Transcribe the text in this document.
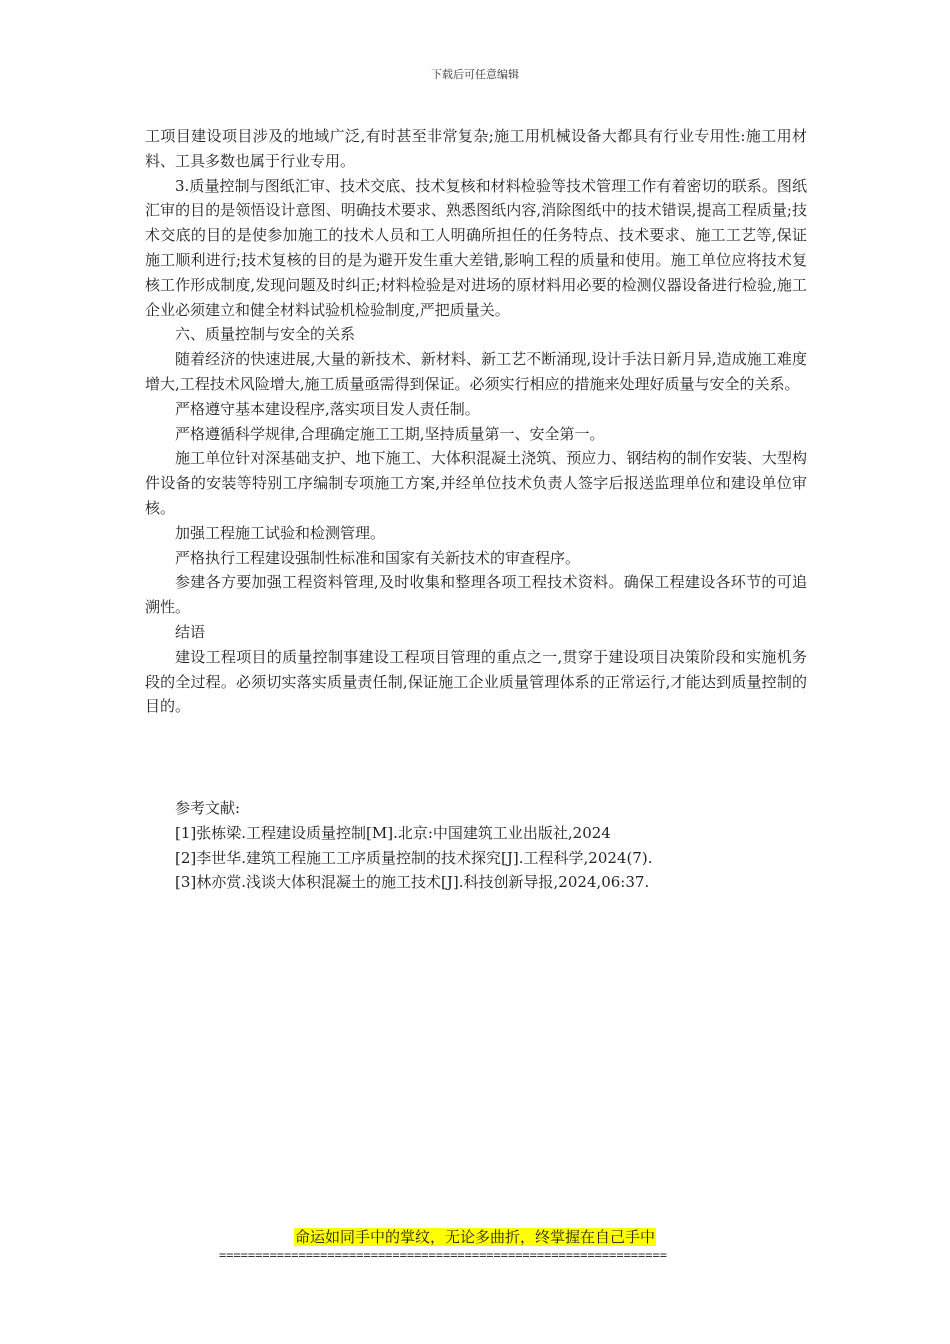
下载后可任意编辑

工项目建设项目涉及的地域广泛,有时甚至非常复杂;施工用机械设备大都具有行业专用性:施工用材料、工具多数也属于行业专用。

3.质量控制与图纸汇审、技术交底、技术复核和材料检验等技术管理工作有着密切的联系。图纸汇审的目的是领悟设计意图、明确技术要求、熟悉图纸内容,消除图纸中的技术错误,提高工程质量;技术交底的目的是使参加施工的技术人员和工人明确所担任的任务特点、技术要求、施工工艺等,保证施工顺利进行;技术复核的目的是为避开发生重大差错,影响工程的质量和使用。施工单位应将技术复核工作形成制度,发现问题及时纠正;材料检验是对进场的原材料用必要的检测仪器设备进行检验,施工企业必须建立和健全材料试验机检验制度,严把质量关。

六、质量控制与安全的关系

随着经济的快速进展,大量的新技术、新材料、新工艺不断涌现,设计手法日新月异,造成施工难度增大,工程技术风险增大,施工质量亟需得到保证。必须实行相应的措施来处理好质量与安全的关系。

严格遵守基本建设程序,落实项目发人责任制。

严格遵循科学规律,合理确定施工工期,坚持质量第一、安全第一。

施工单位针对深基础支护、地下施工、大体积混凝土浇筑、预应力、钢结构的制作安装、大型构件设备的安装等特别工序编制专项施工方案,并经单位技术负责人签字后报送监理单位和建设单位审核。

加强工程施工试验和检测管理。

严格执行工程建设强制性标准和国家有关新技术的审查程序。

参建各方要加强工程资料管理,及时收集和整理各项工程技术资料。确保工程建设各环节的可追溯性。

结语

建设工程项目的质量控制事建设工程项目管理的重点之一,贯穿于建设项目决策阶段和实施机务段的全过程。必须切实落实质量责任制,保证施工企业质量管理体系的正常运行,才能达到质量控制的目的。

参考文献:

[1]张栋梁.工程建设质量控制[M].北京:中国建筑工业出版社,2024

[2]李世华.建筑工程施工工序质量控制的技术探究[J].工程科学,2024(7).

[3]林亦赏.浅谈大体积混凝土的施工技术[J].科技创新导报,2024,06:37.

命运如同手中的掌纹，无论多曲折，终掌握在自己手中
==============================================================
